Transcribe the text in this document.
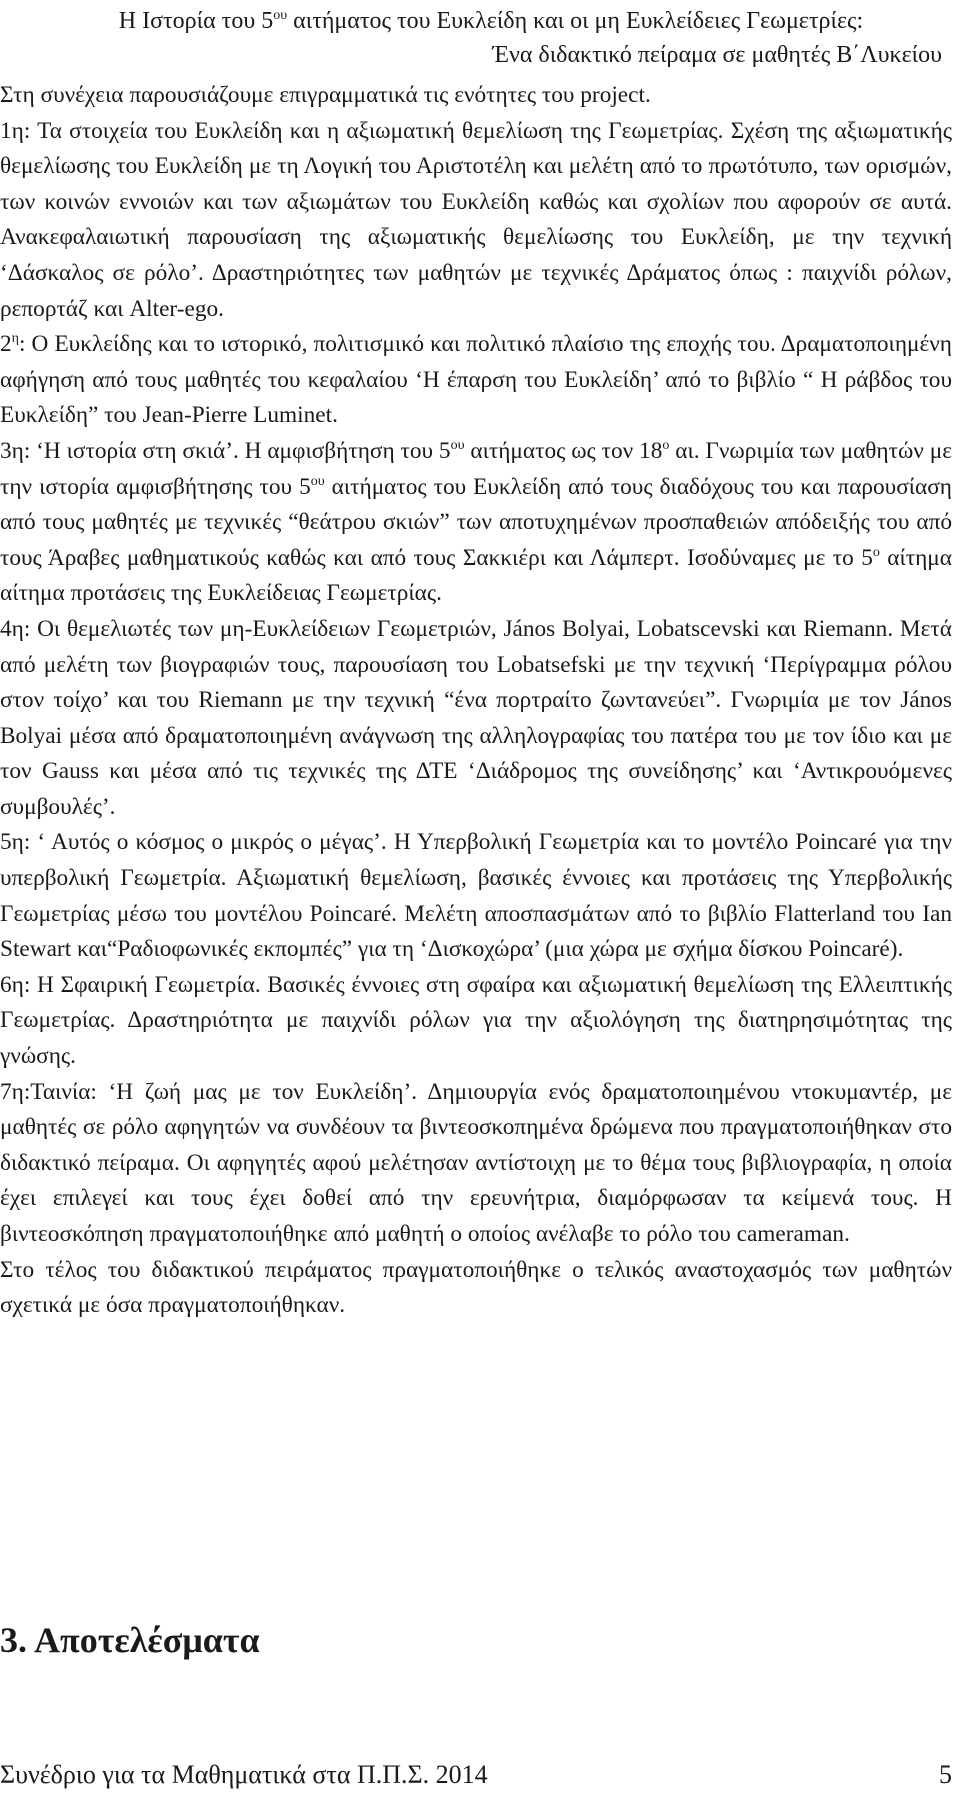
Η Ιστορία του $5^{o\upsilon}$ αιτήματος του Ευκλείδη και οι μη Ευκλείδειες Γεωμετρίες:
Ένα διδακτικό πείραμα σε μαθητές Β΄Λυκείου

Στη συνέχεια παρουσιάζουμε επιγραμματικά τις ενότητες του project.

1η: Τα στοιχεία του Ευκλείδη και η αξιωματική θεμελίωση της Γεωμετρίας. Σχέση της αξιωματικής θεμελίωσης του Ευκλείδη με τη Λογική του Αριστοτέλη και μελέτη από το πρωτότυπο, των ορισμών, των κοινών εννοιών και των αξιωμάτων του Ευκλείδη καθώς και σχολίων που αφορούν σε αυτά. Ανακεφαλαιωτική παρουσίαση της αξιωματικής θεμελίωσης του Ευκλείδη, με την τεχνική ‘Δάσκαλος σε ρόλο’. Δραστηριότητες των μαθητών με τεχνικές Δράματος όπως : παιχνίδι ρόλων, ρεπορτάζ και Alter-ego.

$2^\eta$: Ο Ευκλείδης και το ιστορικό, πολιτισμικό και πολιτικό πλαίσιο της εποχής του. Δραματοποιημένη αφήγηση από τους μαθητές του κεφαλαίου ‘Η έπαρση του Ευκλείδη’ από το βιβλίο “ Η ράβδος του Ευκλείδη” του Jean-Pierre Luminet.

3η: ‘Η ιστορία στη σκιά’. Η αμφισβήτηση του $5^{o\upsilon}$ αιτήματος ως τον $18^o$ αι. Γνωριμία των μαθητών με την ιστορία αμφισβήτησης του $5^{o\upsilon}$ αιτήματος του Ευκλείδη από τους διαδόχους του και παρουσίαση από τους μαθητές με τεχνικές “θεάτρου σκιών” των αποτυχημένων προσπαθειών απόδειξής του από τους Άραβες μαθηματικούς καθώς και από τους Σακκιέρι και Λάμπερτ. Ισοδύναμες με το $5^o$ αίτημα αίτημα προτάσεις της Ευκλείδειας Γεωμετρίας.

4η: Οι θεμελιωτές των μη-Ευκλείδειων Γεωμετριών, János Bolyai, Lobatscevski και Riemann. Μετά από μελέτη των βιογραφιών τους, παρουσίαση του Lobatsefski με την τεχνική ‘Περίγραμμα ρόλου στον τοίχο’ και του Riemann με την τεχνική “ένα πορτραίτο ζωντανεύει”. Γνωριμία με τον János Bolyai μέσα από δραματοποιημένη ανάγνωση της αλληλογραφίας του πατέρα του με τον ίδιο και με τον Gauss και μέσα από τις τεχνικές της ΔΤΕ ‘Διάδρομος της συνείδησης’ και ‘Αντικρουόμενες συμβουλές’.

5η: ‘ Αυτός ο κόσμος ο μικρός ο μέγας’. Η Υπερβολική Γεωμετρία και το μοντέλο Poincaré για την υπερβολική Γεωμετρία. Αξιωματική θεμελίωση, βασικές έννοιες και προτάσεις της Υπερβολικής Γεωμετρίας μέσω του μοντέλου Poincaré. Μελέτη αποσπασμάτων από το βιβλίο Flatterland του Ian Stewart και“Ραδιοφωνικές εκπομπές” για τη ‘Δισκοχώρα’ (μια χώρα με σχήμα δίσκου Poincaré).

6η: Η Σφαιρική Γεωμετρία. Βασικές έννοιες στη σφαίρα και αξιωματική θεμελίωση της Ελλειπτικής Γεωμετρίας. Δραστηριότητα με παιχνίδι ρόλων για την αξιολόγηση της διατηρησιμότητας της γνώσης.

7η:Ταινία: ‘Η ζωή μας με τον Ευκλείδη’. Δημιουργία ενός δραματοποιημένου ντοκυμαντέρ, με μαθητές σε ρόλο αφηγητών να συνδέουν τα βιντεοσκοπημένα δρώμενα που πραγματοποιήθηκαν στο διδακτικό πείραμα. Οι αφηγητές αφού μελέτησαν αντίστοιχη με το θέμα τους βιβλιογραφία, η οποία έχει επιλεγεί και τους έχει δοθεί από την ερευνήτρια, διαμόρφωσαν τα κείμενά τους. Η βιντεοσκόπηση πραγματοποιήθηκε από μαθητή ο οποίος ανέλαβε το ρόλο του cameraman.

Στο τέλος του διδακτικού πειράματος πραγματοποιήθηκε ο τελικός αναστοχασμός των μαθητών σχετικά με όσα πραγματοποιήθηκαν.

3. Αποτελέσματα
Συνέδριο για τα Μαθηματικά στα Π.Π.Σ. 2014	5
